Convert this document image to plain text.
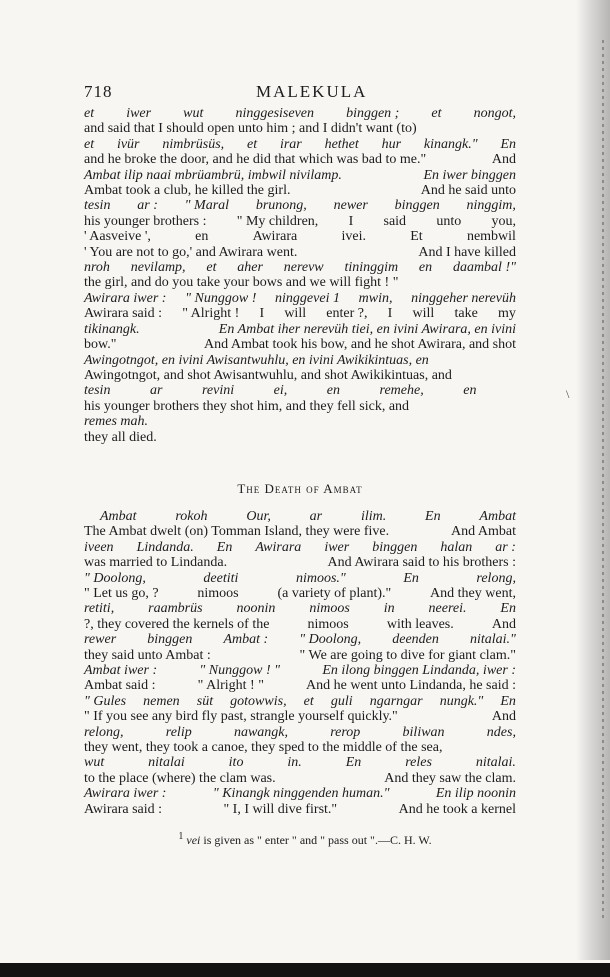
718	MALEKULA
et iwer wut ninggesiseven binggen ; et nongot,
and said that I should open unto him ; and I didn't want (to)
et ivür nimbrüsüs, et irar hethet hur kinangk." En
and he broke the door, and he did that which was bad to me."	And
Ambat ilip naai mbrüambrü, imbwil nivilamp.	En iwer binggen
Ambat took a club, he killed the girl.	And he said unto
tesin ar : " Maral brunong, newer binggen ninggim,
his younger brothers : " My children, I said unto you,
' Aasveive ',	en	Awirara	ivei.	Et	nembwil
' You are not to go,' and Awirara went.	And I have killed
nroh nevilamp, et aher nerevw tininggim en daambal !"
the girl, and do you take your bows and we will fight ! "
Awirara iwer : " Nunggow ! ninggevei 1 mwin, ninggeher nerevüh
Awirara said : " Alright ! I will enter ?, I will take my
tikinangk.	En Ambat iher nerevüh tiei, en ivini Awirara, en ivini
bow."	And Ambat took his bow, and he shot Awirara, and shot
Awingotngot, en ivini Awisantwuhlu, en ivini Awikikintuas, en
Awingotngot, and shot Awisantwuhlu, and shot Awikikintuas, and
tesin	ar	revini	ei,	en	remehe,	en
his younger brothers they shot him, and they fell sick, and
remes mah.
they all died.
The Death of Ambat
Ambat	rokoh	Our,	ar	ilim.	En	Ambat
The Ambat dwelt (on) Tomman Island, they were five.	And Ambat
iveen Lindanda. En Awirara iwer binggen halan ar :
was married to Lindanda.	And Awirara said to his brothers :
" Doolong,	deetiti	nimoos."	En	relong,
" Let us go, ?	nimoos	(a variety of plant)."	And they went,
retiti, raambrüs noonin nimoos in neerei. En
?, they covered the kernels of the	nimoos	with leaves.	And
rewer binggen Ambat : " Doolong, deenden nitalai."
they said unto Ambat :	" We are going to dive for giant clam."
Ambat iwer :	" Nunggow ! "	En ilong binggen Lindanda, iwer :
Ambat said :	" Alright ! "	And he went unto Lindanda, he said :
" Gules nemen süt gotowwis, et guli ngarngar nungk." En
" If you see any bird fly past, strangle yourself quickly."	And
relong,	relip	nawangk,	rerop	biliwan	ndes,
they went, they took a canoe, they sped to the middle of the sea,
wut	nitalai	ito	in.	En	reles	nitalai.
to the place (where) the clam was.	And they saw the clam.
Awirara iwer :	" Kinangk ninggenden human."	En ilip noonin
Awirara said :	" I, I will dive first."	And he took a kernel
$^1$ vei is given as " enter " and " pass out ".—C. H. W.
\
